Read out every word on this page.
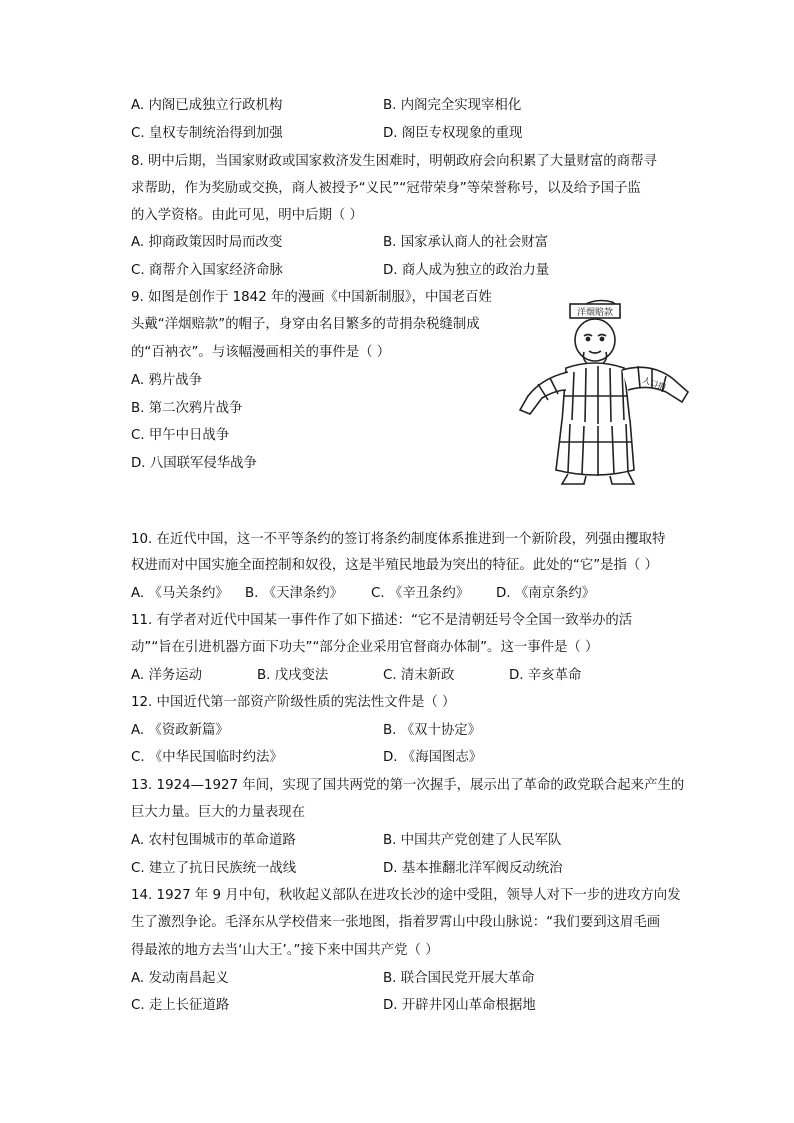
A. 内阁已成独立行政机构	B. 内阁完全实现宰相化
C. 皇权专制统治得到加强	D. 阁臣专权现象的重现
8. 明中后期，当国家财政或国家救济发生困难时，明朝政府会向积累了大量财富的商帮寻
求帮助，作为奖励或交换，商人被授予“义民”“冠带荣身”等荣誉称号，以及给予国子监
的入学资格。由此可见，明中后期（ ）
A. 抑商政策因时局而改变	B. 国家承认商人的社会财富
C. 商帮介入国家经济命脉	D. 商人成为独立的政治力量
9. 如图是创作于 1842 年的漫画《中国新制服》，中国老百姓
头戴“洋烟赔款”的帽子，身穿由名目繁多的苛捐杂税缝制成
的“百衲衣”。与该幅漫画相关的事件是（ ）
A. 鸦片战争
B. 第二次鸦片战争
C. 甲午中日战争
D. 八国联军侵华战争
洋烟赔款
人口捐
10. 在近代中国，这一不平等条约的签订将条约制度体系推进到一个新阶段，列强由攫取特
权进而对中国实施全面控制和奴役，这是半殖民地最为突出的特征。此处的“它”是指（ ）
A. 《马关条约》 B. 《天津条约》 C. 《辛丑条约》 D. 《南京条约》
11. 有学者对近代中国某一事件作了如下描述：“它不是清朝廷号令全国一致举办的活
动”“旨在引进机器方面下功夫”“部分企业采用官督商办体制”。这一事件是（ ）
A. 洋务运动	B. 戊戌变法	C. 清末新政	D. 辛亥革命
12. 中国近代第一部资产阶级性质的宪法性文件是（ ）
A. 《资政新篇》	B. 《双十协定》
C. 《中华民国临时约法》	D. 《海国图志》
13. 1924—1927 年间，实现了国共两党的第一次握手，展示出了革命的政党联合起来产生的
巨大力量。巨大的力量表现在
A. 农村包围城市的革命道路	B. 中国共产党创建了人民军队
C. 建立了抗日民族统一战线	D. 基本推翻北洋军阀反动统治
14. 1927 年 9 月中旬，秋收起义部队在进攻长沙的途中受阻，领导人对下一步的进攻方向发
生了激烈争论。毛泽东从学校借来一张地图，指着罗霄山中段山脉说：“我们要到这眉毛画
得最浓的地方去当‘山大王’。”接下来中国共产党（ ）
A. 发动南昌起义	B. 联合国民党开展大革命
C. 走上长征道路	D. 开辟井冈山革命根据地
